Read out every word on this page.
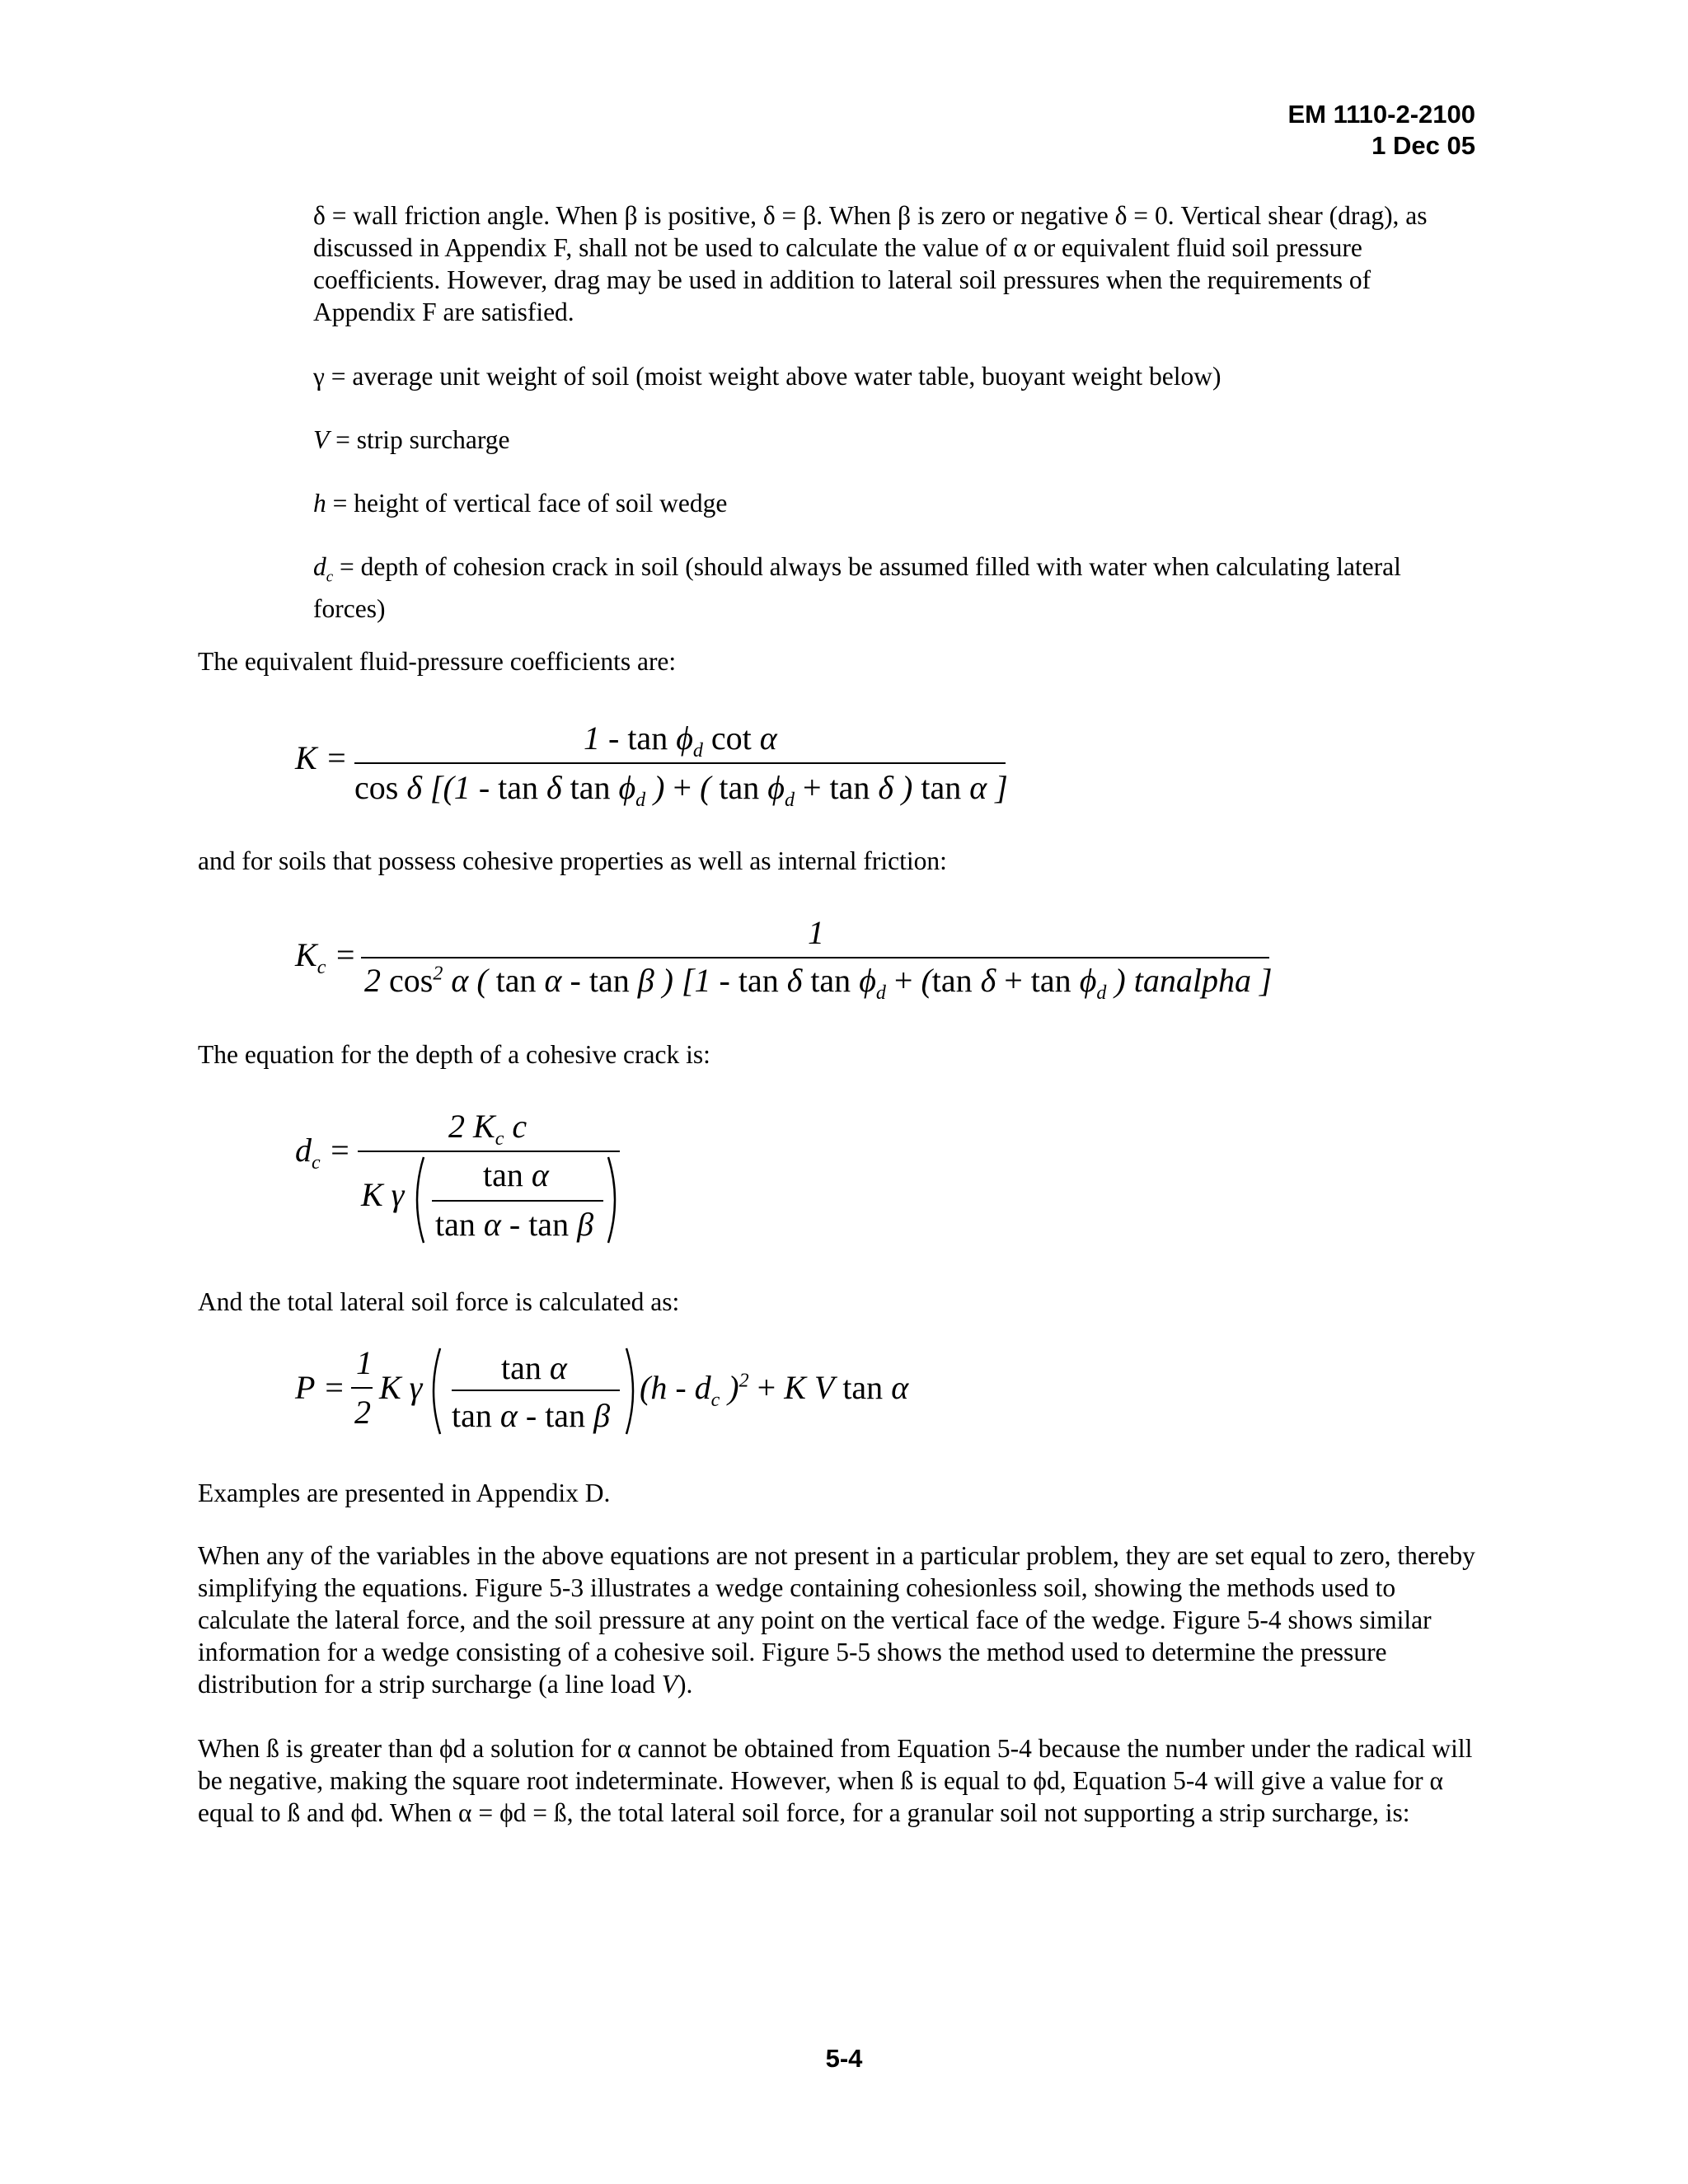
EM 1110-2-2100
1 Dec 05

δ = wall friction angle. When β is positive, δ = β. When β is zero or negative δ = 0. Vertical shear (drag), as discussed in Appendix F, shall not be used to calculate the value of α or equivalent fluid soil pressure coefficients. However, drag may be used in addition to lateral soil pressures when the requirements of Appendix F are satisfied.

γ = average unit weight of soil (moist weight above water table, buoyant weight below)

V = strip surcharge

h = height of vertical face of soil wedge

$d_c$ = depth of cohesion crack in soil (should always be assumed filled with water when calculating lateral forces)

The equivalent fluid-pressure coefficients are:

K =
$1 - \tan \phi_d$ cot α
cos δ [(1 - tan δ $\tan \phi_d$ ) + ( $\tan \phi_d + \tan \delta$ ) tan α ]

and for soils that possess cohesive properties as well as internal friction:

$K_c$ =
1
2 $\cos^2 \alpha$ ( tan α - tan β ) [1 - tan δ $\tan \phi_d + (\tan$ $\delta + \tan \phi_d$ ) tanalpha ]

The equation for the depth of a cohesive crack is:

$d_c$ =
2 $K_c$ c
K γ
tan α
tan α - tan β

And the total lateral soil force is calculated as:

P =
1
2
K γ
tan α
tan α - tan β
($h - d_c$ )$^2$ + K V tan α

Examples are presented in Appendix D.

When any of the variables in the above equations are not present in a particular problem, they are set equal to zero, thereby simplifying the equations. Figure 5-3 illustrates a wedge containing cohesionless soil, showing the methods used to calculate the lateral force, and the soil pressure at any point on the vertical face of the wedge. Figure 5-4 shows similar information for a wedge consisting of a cohesive soil. Figure 5-5 shows the method used to determine the pressure distribution for a strip surcharge (a line load V).

When ß is greater than ϕd a solution for α cannot be obtained from Equation 5-4 because the number under the radical will be negative, making the square root indeterminate. However, when ß is equal to ϕd, Equation 5-4 will give a value for α equal to ß and ϕd. When α = ϕd = ß, the total lateral soil force, for a granular soil not supporting a strip surcharge, is:

5-4
